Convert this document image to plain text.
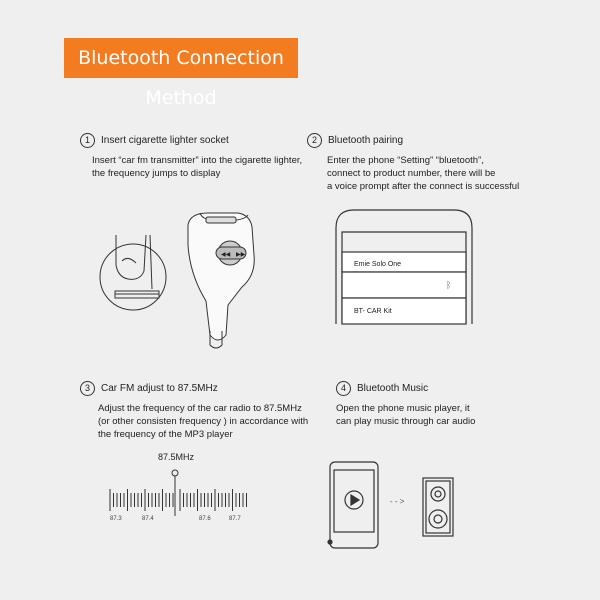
Bluetooth Connection Method
1	Insert cigarette lighter socket
Insert “car fm transmitter” into the cigarette lighter,
the frequency jumps to display
2	Bluetooth pairing
Enter the phone “Setting” “bluetooth”,
connect to product number, there will be
a voice prompt after the connect is successful
3	Car FM adjust to 87.5MHz
Adjust the frequency of the car radio to 87.5MHz
(or other consisten frequency ) in accordance with
the frequency of the MP3 player
4	Bluetooth Music
Open the phone music player, it
can play music through car audio
◀◀ ▶▶
Emie Solo One
ᛒ
BT- CAR Kit
87.5MHz
87.3	87.4	87.6	87.7
- - >
